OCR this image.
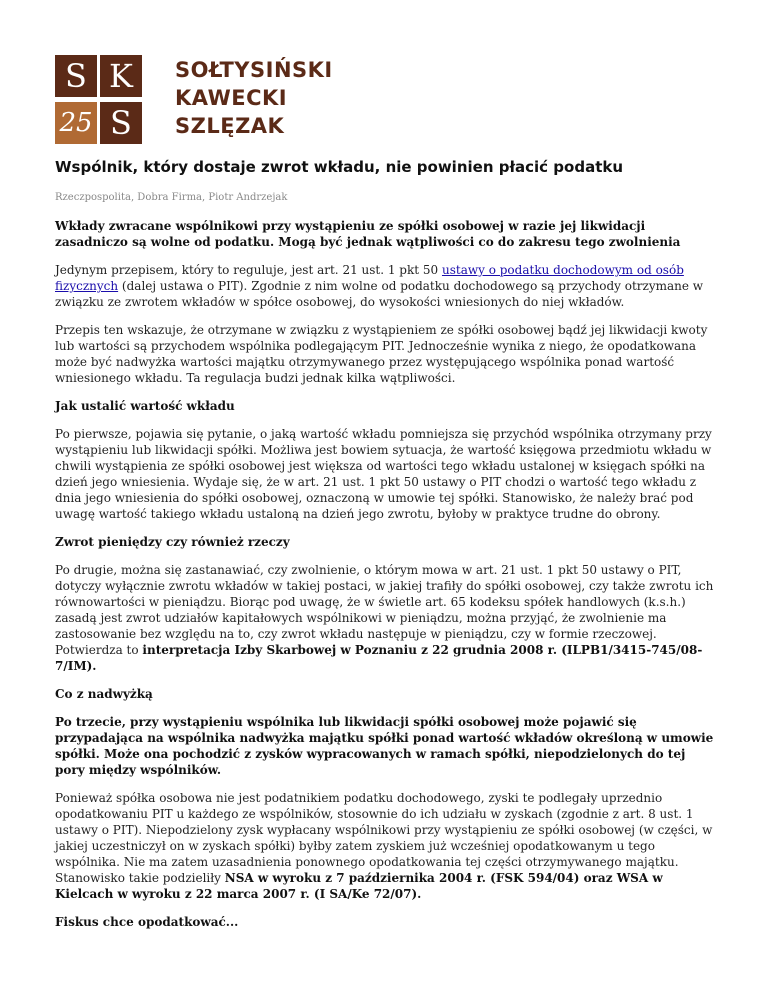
S K
25 S
SOŁTYSIŃSKI
KAWECKI
SZLĘZAK
Wspólnik, który dostaje zwrot wkładu, nie powinien płacić podatku
Rzeczpospolita, Dobra Firma, Piotr Andrzejak

Wkłady zwracane wspólnikowi przy wystąpieniu ze spółki osobowej w razie jej likwidacji zasadniczo są wolne od podatku. Mogą być jednak wątpliwości co do zakresu tego zwolnienia

Jedynym przepisem, który to reguluje, jest art. 21 ust. 1 pkt 50 ustawy o podatku dochodowym od osób fizycznych (dalej ustawa o PIT). Zgodnie z nim wolne od podatku dochodowego są przychody otrzymane w związku ze zwrotem wkładów w spółce osobowej, do wysokości wniesionych do niej wkładów.

Przepis ten wskazuje, że otrzymane w związku z wystąpieniem ze spółki osobowej bądź jej likwidacji kwoty lub wartości są przychodem wspólnika podlegającym PIT. Jednocześnie wynika z niego, że opodatkowana może być nadwyżka wartości majątku otrzymywanego przez występującego wspólnika ponad wartość wniesionego wkładu. Ta regulacja budzi jednak kilka wątpliwości.

Jak ustalić wartość wkładu

Po pierwsze, pojawia się pytanie, o jaką wartość wkładu pomniejsza się przychód wspólnika otrzymany przy wystąpieniu lub likwidacji spółki. Możliwa jest bowiem sytuacja, że wartość księgowa przedmiotu wkładu w chwili wystąpienia ze spółki osobowej jest większa od wartości tego wkładu ustalonej w księgach spółki na dzień jego wniesienia. Wydaje się, że w art. 21 ust. 1 pkt 50 ustawy o PIT chodzi o wartość tego wkładu z dnia jego wniesienia do spółki osobowej, oznaczoną w umowie tej spółki. Stanowisko, że należy brać pod uwagę wartość takiego wkładu ustaloną na dzień jego zwrotu, byłoby w praktyce trudne do obrony.

Zwrot pieniędzy czy również rzeczy

Po drugie, można się zastanawiać, czy zwolnienie, o którym mowa w art. 21 ust. 1 pkt 50 ustawy o PIT, dotyczy wyłącznie zwrotu wkładów w takiej postaci, w jakiej trafiły do spółki osobowej, czy także zwrotu ich równowartości w pieniądzu. Biorąc pod uwagę, że w świetle art. 65 kodeksu spółek handlowych (k.s.h.) zasadą jest zwrot udziałów kapitałowych wspólnikowi w pieniądzu, można przyjąć, że zwolnienie ma zastosowanie bez względu na to, czy zwrot wkładu następuje w pieniądzu, czy w formie rzeczowej. Potwierdza to interpretacja Izby Skarbowej w Poznaniu z 22 grudnia 2008 r. (ILPB1/3415-745/08-7/IM).

Co z nadwyżką

Po trzecie, przy wystąpieniu wspólnika lub likwidacji spółki osobowej może pojawić się przypadająca na wspólnika nadwyżka majątku spółki ponad wartość wkładów określoną w umowie spółki. Może ona pochodzić z zysków wypracowanych w ramach spółki, niepodzielonych do tej pory między wspólników.

Ponieważ spółka osobowa nie jest podatnikiem podatku dochodowego, zyski te podlegały uprzednio opodatkowaniu PIT u każdego ze wspólników, stosownie do ich udziału w zyskach (zgodnie z art. 8 ust. 1 ustawy o PIT). Niepodzielony zysk wypłacany wspólnikowi przy wystąpieniu ze spółki osobowej (w części, w jakiej uczestniczył on w zyskach spółki) byłby zatem zyskiem już wcześniej opodatkowanym u tego wspólnika. Nie ma zatem uzasadnienia ponownego opodatkowania tej części otrzymywanego majątku. Stanowisko takie podzieliły NSA w wyroku z 7 października 2004 r. (FSK 594/04) oraz WSA w Kielcach w wyroku z 22 marca 2007 r. (I SA/Ke 72/07).

Fiskus chce opodatkować...
